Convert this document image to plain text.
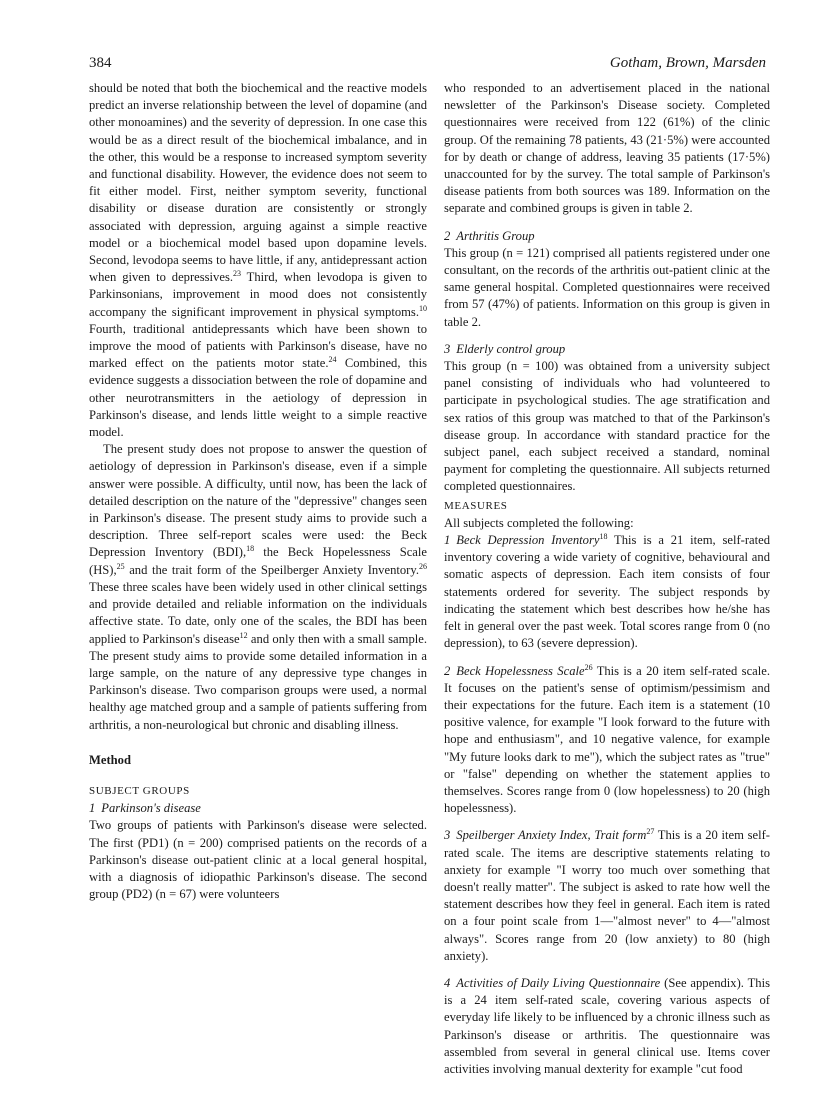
384	Gotham, Brown, Marsden

should be noted that both the biochemical and the reactive models predict an inverse relationship between the level of dopamine (and other monoamines) and the severity of depression. In one case this would be as a direct result of the biochemical imbalance, and in the other, this would be a response to increased symptom severity and functional disability. However, the evidence does not seem to fit either model. First, neither symptom severity, functional disability or disease duration are consistently or strongly associated with depression, arguing against a simple reactive model or a biochemical model based upon dopamine levels. Second, levodopa seems to have little, if any, antidepressant action when given to depressives.$^{23}$ Third, when levodopa is given to Parkinsonians, improvement in mood does not consistently accompany the significant improvement in physical symptoms.$^{10}$ Fourth, traditional antidepressants which have been shown to improve the mood of patients with Parkinson's disease, have no marked effect on the patients motor state.$^{24}$ Combined, this evidence suggests a dissociation between the role of dopamine and other neurotransmitters in the aetiology of depression in Parkinson's disease, and lends little weight to a simple reactive model.

The present study does not propose to answer the question of aetiology of depression in Parkinson's disease, even if a simple answer were possible. A difficulty, until now, has been the lack of detailed description on the nature of the "depressive" changes seen in Parkinson's disease. The present study aims to provide such a description. Three self-report scales were used: the Beck Depression Inventory (BDI),$^{18}$ the Beck Hopelessness Scale (HS),$^{25}$ and the trait form of the Speilberger Anxiety Inventory.$^{26}$ These three scales have been widely used in other clinical settings and provide detailed and reliable information on the individuals affective state. To date, only one of the scales, the BDI has been applied to Parkinson's disease$^{12}$ and only then with a small sample. The present study aims to provide some detailed information in a large sample, on the nature of any depressive type changes in Parkinson's disease. Two comparison groups were used, a normal healthy age matched group and a sample of patients suffering from arthritis, a non-neurological but chronic and disabling illness.

Method

SUBJECT GROUPS

1 Parkinson's disease

Two groups of patients with Parkinson's disease were selected. The first (PD1) (n = 200) comprised patients on the records of a Parkinson's disease out-patient clinic at a local general hospital, with a diagnosis of idiopathic Parkinson's disease. The second group (PD2) (n = 67) were volunteers

who responded to an advertisement placed in the national newsletter of the Parkinson's Disease society. Completed questionnaires were received from 122 (61%) of the clinic group. Of the remaining 78 patients, 43 (21·5%) were accounted for by death or change of address, leaving 35 patients (17·5%) unaccounted for by the survey. The total sample of Parkinson's disease patients from both sources was 189. Information on the separate and combined groups is given in table 2.

2 Arthritis Group

This group (n = 121) comprised all patients registered under one consultant, on the records of the arthritis out-patient clinic at the same general hospital. Completed questionnaires were received from 57 (47%) of patients. Information on this group is given in table 2.

3 Elderly control group

This group (n = 100) was obtained from a university subject panel consisting of individuals who had volunteered to participate in psychological studies. The age stratification and sex ratios of this group was matched to that of the Parkinson's disease group. In accordance with standard practice for the subject panel, each subject received a standard, nominal payment for completing the questionnaire. All subjects returned completed questionnaires.

MEASURES

All subjects completed the following:

1 Beck Depression Inventory$^{18}$ This is a 21 item, self-rated inventory covering a wide variety of cognitive, behavioural and somatic aspects of depression. Each item consists of four statements ordered for severity. The subject responds by indicating the statement which best describes how he/she has felt in general over the past week. Total scores range from 0 (no depression), to 63 (severe depression).

2 Beck Hopelessness Scale$^{26}$ This is a 20 item self-rated scale. It focuses on the patient's sense of optimism/pessimism and their expectations for the future. Each item is a statement (10 positive valence, for example "I look forward to the future with hope and enthusiasm", and 10 negative valence, for example "My future looks dark to me"), which the subject rates as "true" or "false" depending on whether the statement applies to themselves. Scores range from 0 (low hopelessness) to 20 (high hopelessness).

3 Speilberger Anxiety Index, Trait form$^{27}$ This is a 20 item self-rated scale. The items are descriptive statements relating to anxiety for example "I worry too much over something that doesn't really matter". The subject is asked to rate how well the statement describes how they feel in general. Each item is rated on a four point scale from 1—"almost never" to 4—"almost always". Scores range from 20 (low anxiety) to 80 (high anxiety).

4 Activities of Daily Living Questionnaire (See appendix). This is a 24 item self-rated scale, covering various aspects of everyday life likely to be influenced by a chronic illness such as Parkinson's disease or arthritis. The questionnaire was assembled from several in general clinical use. Items cover activities involving manual dexterity for example "cut food
